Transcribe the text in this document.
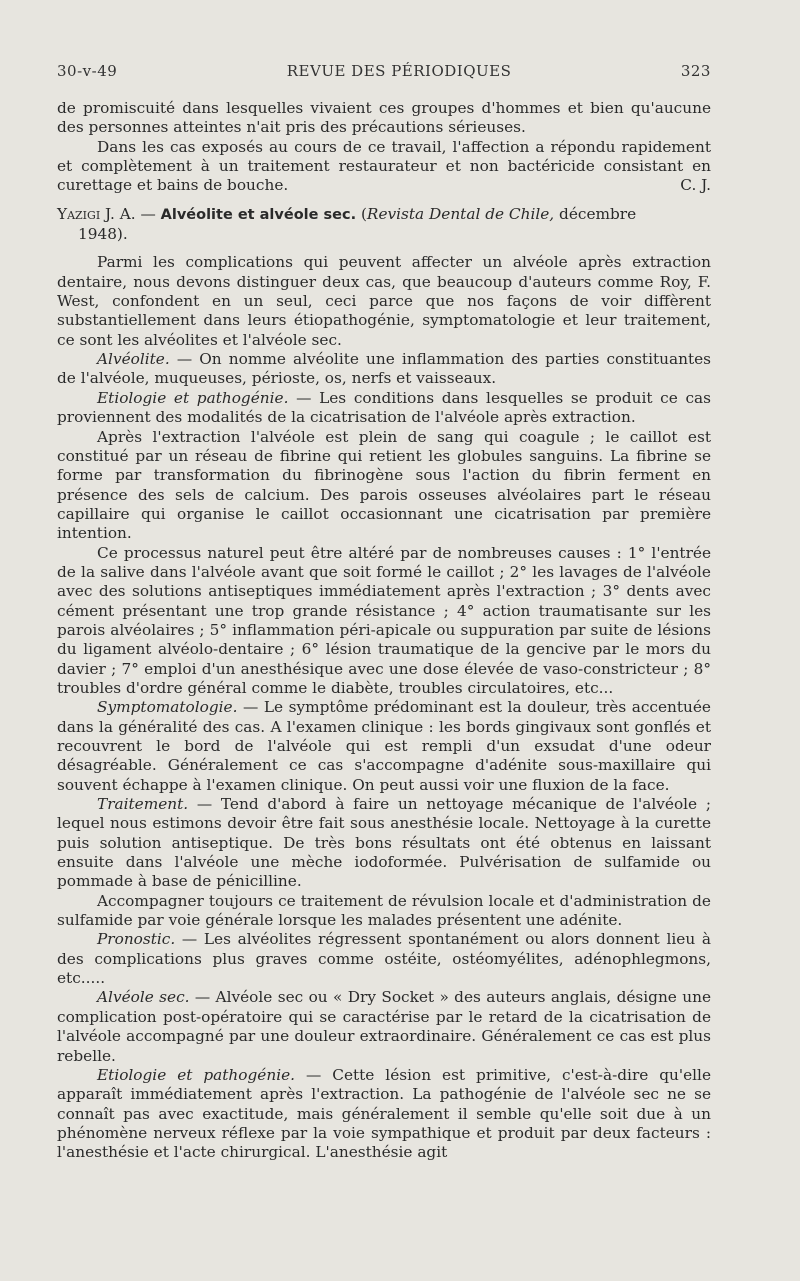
30-v-49	REVUE DES PÉRIODIQUES	323

de promiscuité dans lesquelles vivaient ces groupes d'hommes et bien qu'aucune des personnes atteintes n'ait pris des précautions sérieuses.

Dans les cas exposés au cours de ce travail, l'affection a répondu rapidement et complètement à un traitement restaurateur et non bactéricide consistant en curettage et bains de bouche.	C. J.

Yazigi J. A. — Alvéolite et alvéole sec. (Revista Dental de Chile, décembre
1948).

Parmi les complications qui peuvent affecter un alvéole après extraction dentaire, nous devons distinguer deux cas, que beaucoup d'auteurs comme Roy, F. West, confondent en un seul, ceci parce que nos façons de voir diffèrent substantiellement dans leurs étiopathogénie, symptomatologie et leur traitement, ce sont les alvéolites et l'alvéole sec.

Alvéolite. — On nomme alvéolite une inflammation des parties constituantes de l'alvéole, muqueuses, périoste, os, nerfs et vaisseaux.

Etiologie et pathogénie. — Les conditions dans lesquelles se produit ce cas proviennent des modalités de la cicatrisation de l'alvéole après extraction.

Après l'extraction l'alvéole est plein de sang qui coagule ; le caillot est constitué par un réseau de fibrine qui retient les globules sanguins. La fibrine se forme par transformation du fibrinogène sous l'action du fibrin ferment en présence des sels de calcium. Des parois osseuses alvéolaires part le réseau capillaire qui organise le caillot occasionnant une cicatrisation par première intention.

Ce processus naturel peut être altéré par de nombreuses causes : 1° l'entrée de la salive dans l'alvéole avant que soit formé le caillot ; 2° les lavages de l'alvéole avec des solutions antiseptiques immédiatement après l'extraction ; 3° dents avec cément présentant une trop grande résistance ; 4° action traumatisante sur les parois alvéolaires ; 5° inflammation péri-apicale ou suppuration par suite de lésions du ligament alvéolo-dentaire ; 6° lésion traumatique de la gencive par le mors du davier ; 7° emploi d'un anesthésique avec une dose élevée de vaso-constricteur ; 8° troubles d'ordre général comme le diabète, troubles circulatoires, etc...

Symptomatologie. — Le symptôme prédominant est la douleur, très accentuée dans la généralité des cas. A l'examen clinique : les bords gingivaux sont gonflés et recouvrent le bord de l'alvéole qui est rempli d'un exsudat d'une odeur désagréable. Généralement ce cas s'accompagne d'adénite sous-maxillaire qui souvent échappe à l'examen clinique. On peut aussi voir une fluxion de la face.

Traitement. — Tend d'abord à faire un nettoyage mécanique de l'alvéole ; lequel nous estimons devoir être fait sous anesthésie locale. Nettoyage à la curette puis solution antiseptique. De très bons résultats ont été obtenus en laissant ensuite dans l'alvéole une mèche iodoformée. Pulvérisation de sulfamide ou pommade à base de pénicilline.

Accompagner toujours ce traitement de révulsion locale et d'administration de sulfamide par voie générale lorsque les malades présentent une adénite.

Pronostic. — Les alvéolites régressent spontanément ou alors donnent lieu à des complications plus graves comme ostéite, ostéomyélites, adénophlegmons, etc.....

Alvéole sec. — Alvéole sec ou « Dry Socket » des auteurs anglais, désigne une complication post-opératoire qui se caractérise par le retard de la cicatrisation de l'alvéole accompagné par une douleur extraordinaire. Généralement ce cas est plus rebelle.

Etiologie et pathogénie. — Cette lésion est primitive, c'est-à-dire qu'elle apparaît immédiatement après l'extraction. La pathogénie de l'alvéole sec ne se connaît pas avec exactitude, mais généralement il semble qu'elle soit due à un phénomène nerveux réflexe par la voie sympathique et produit par deux facteurs : l'anesthésie et l'acte chirurgical. L'anesthésie agit
